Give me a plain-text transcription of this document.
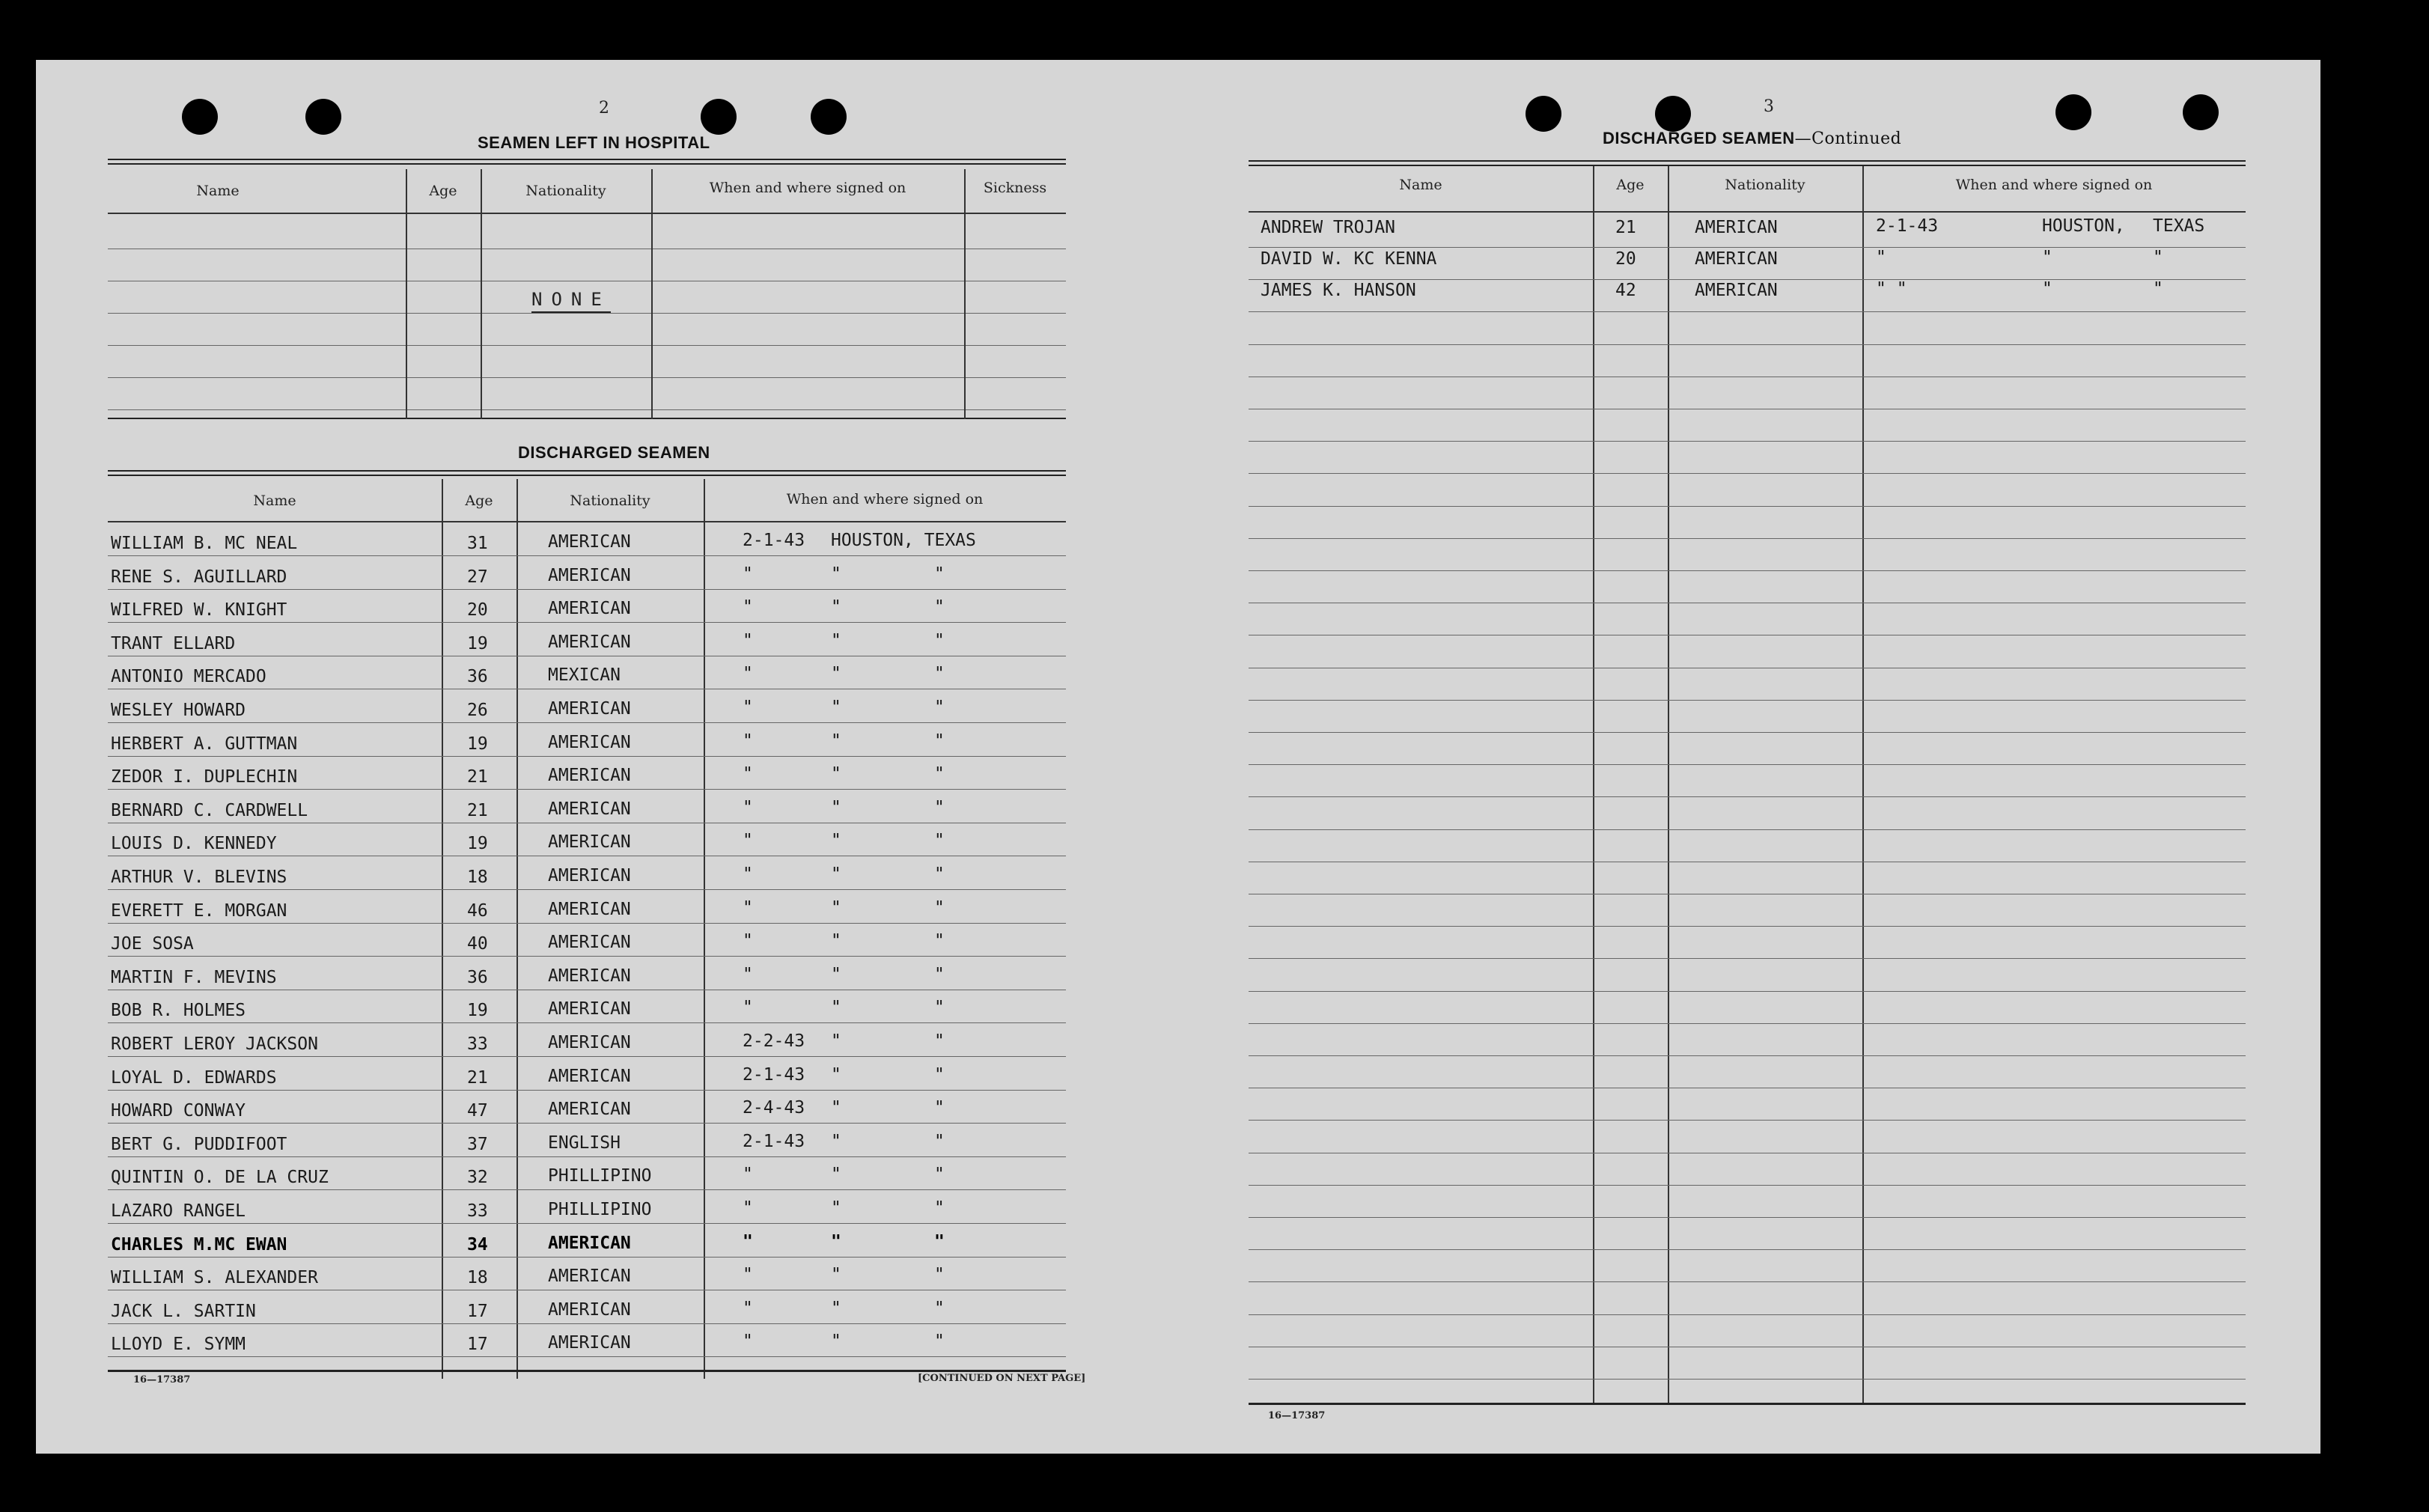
2
SEAMEN LEFT IN HOSPITAL
Name	Age	Nationality	When and where signed on	Sickness
NONE
DISCHARGED SEAMEN
Name	Age	Nationality	When and where signed on
WILLIAM B. MC NEAL	31	AMERICAN	2-1-43 HOUSTON, TEXAS
RENE S. AGUILLARD	27	AMERICAN	"	"	"
WILFRED W. KNIGHT	20	AMERICAN	"	"	"
TRANT ELLARD	19	AMERICAN	"	"	"
ANTONIO MERCADO	36	MEXICAN	"	"	"
WESLEY HOWARD	26	AMERICAN	"	"	"
HERBERT A. GUTTMAN	19	AMERICAN	"	"	"
ZEDOR I. DUPLECHIN	21	AMERICAN	"	"	"
BERNARD C. CARDWELL	21	AMERICAN	"	"	"
LOUIS D. KENNEDY	19	AMERICAN	"	"	"
ARTHUR V. BLEVINS	18	AMERICAN	"	"	"
EVERETT E. MORGAN	46	AMERICAN	"	"	"
JOE SOSA	40	AMERICAN	"	"	"
MARTIN F. MEVINS	36	AMERICAN	"	"	"
BOB R. HOLMES	19	AMERICAN	"	"	"
ROBERT LEROY JACKSON	33	AMERICAN	2-2-43 "	"
LOYAL D. EDWARDS	21	AMERICAN	2-1-43 "	"
HOWARD CONWAY	47	AMERICAN	2-4-43 "	"
BERT G. PUDDIFOOT	37	ENGLISH	2-1-43 "	"
QUINTIN O. DE LA CRUZ	32	PHILLIPINO	"	"	"
LAZARO RANGEL	33	PHILLIPINO	"	"	"
CHARLES M.MC EWAN	34	AMERICAN	"	"	"
WILLIAM S. ALEXANDER	18	AMERICAN	"	"	"
JACK L. SARTIN	17	AMERICAN	"	"	"
LLOYD E. SYMM	17	AMERICAN	"	"	"
16—17387	[CONTINUED ON NEXT PAGE]
3
DISCHARGED SEAMEN—Continued
Name	Age	Nationality	When and where signed on
ANDREW TROJAN	21	AMERICAN	2-1-43	HOUSTON, TEXAS
DAVID W. KC KENNA	20	AMERICAN	"	"	"
JAMES K. HANSON	42	AMERICAN	" "	"	"
16—17387
